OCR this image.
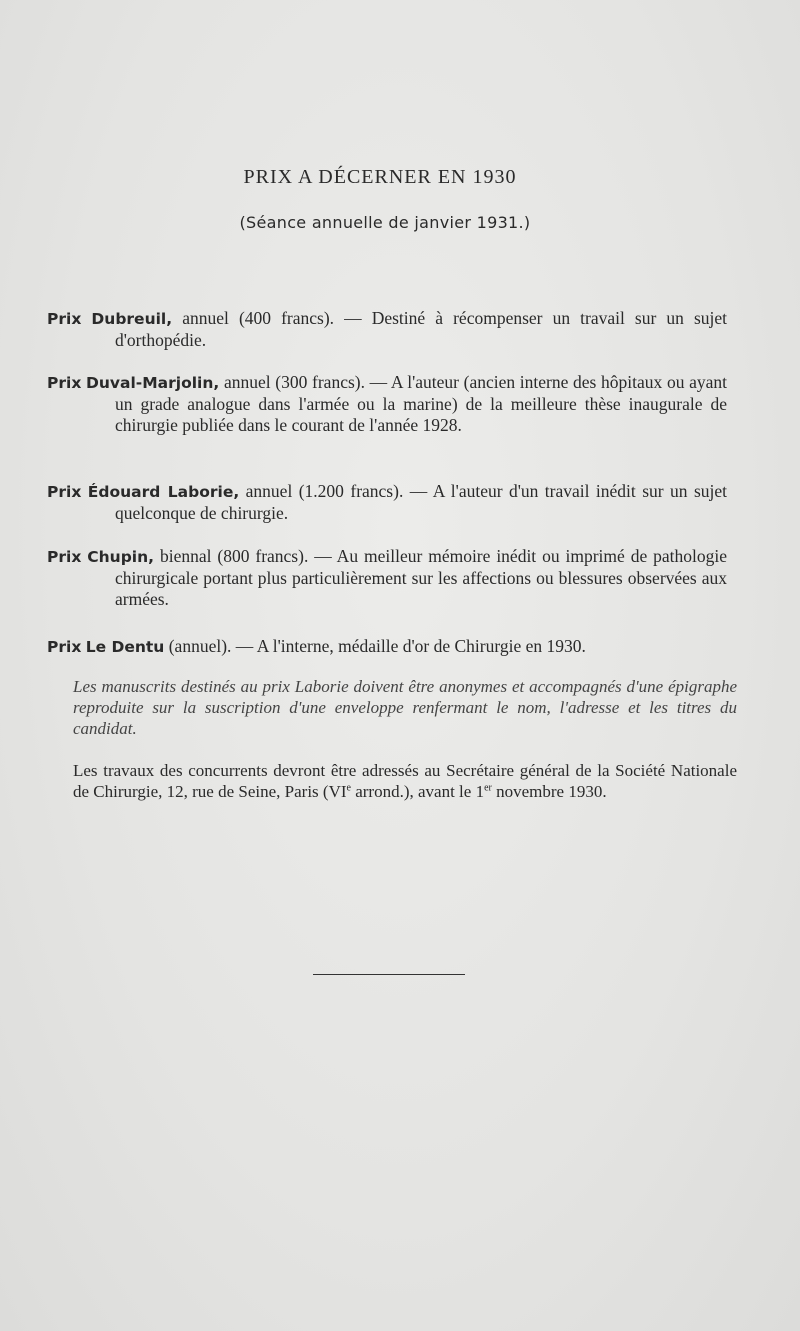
PRIX A DÉCERNER EN 1930
(Séance annuelle de janvier 1931.)
Prix Dubreuil, annuel (400 francs). — Destiné à récompenser un travail sur un sujet d'orthopédie.
Prix Duval-Marjolin, annuel (300 francs). — A l'auteur (ancien interne des hôpitaux ou ayant un grade analogue dans l'armée ou la marine) de la meilleure thèse inaugurale de chirurgie publiée dans le courant de l'année 1928.
Prix Édouard Laborie, annuel (1.200 francs). — A l'auteur d'un travail inédit sur un sujet quelconque de chirurgie.
Prix Chupin, biennal (800 francs). — Au meilleur mémoire inédit ou imprimé de pathologie chirurgicale portant plus particulièrement sur les affections ou blessures observées aux armées.
Prix Le Dentu (annuel). — A l'interne, médaille d'or de Chirurgie en 1930.
Les manuscrits destinés au prix Laborie doivent être anonymes et accompagnés d'une épigraphe reproduite sur la suscription d'une enveloppe renfermant le nom, l'adresse et les titres du candidat.
Les travaux des concurrents devront être adressés au Secrétaire général de la Société Nationale de Chirurgie, 12, rue de Seine, Paris (VIe arrond.), avant le 1er novembre 1930.
